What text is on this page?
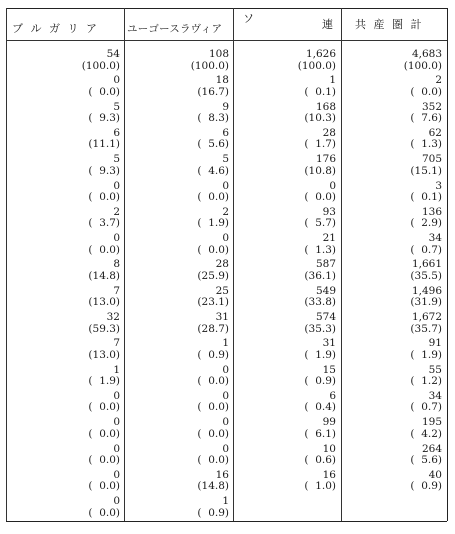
ブ ル ガ リ ア	ユーゴースラヴィア
ソ	連 共 産 圏 計
54
(100.0)
0
(  0.0)
5
(  9.3)
6
(11.1)
5
(  9.3)
0
(  0.0)
2
(  3.7)
0
(  0.0)
8
(14.8)
7
(13.0)
32
(59.3)
7
(13.0)
1
(  1.9)
0
(  0.0)
0
(  0.0)
0
(  0.0)
0
(  0.0)
0
(  0.0)
108
(100.0)
18
(16.7)
9
(  8.3)
6
(  5.6)
5
(  4.6)
0
(  0.0)
2
(  1.9)
0
(  0.0)
28
(25.9)
25
(23.1)
31
(28.7)
1
(  0.9)
0
(  0.0)
0
(  0.0)
0
(  0.0)
0
(  0.0)
16
(14.8)
1
(  0.9)
1,626
(100.0)
1
(  0.1)
168
(10.3)
28
(  1.7)
176
(10.8)
0
(  0.0)
93
(  5.7)
21
(  1.3)
587
(36.1)
549
(33.8)
574
(35.3)
31
(  1.9)
15
(  0.9)
6
(  0.4)
99
(  6.1)
10
(  0.6)
16
(  1.0)
4,683
(100.0)
2
(  0.0)
352
(  7.6)
62
(  1.3)
705
(15.1)
3
(  0.1)
136
(  2.9)
34
(  0.7)
1,661
(35.5)
1,496
(31.9)
1,672
(35.7)
91
(  1.9)
55
(  1.2)
34
(  0.7)
195
(  4.2)
264
(  5.6)
40
(  0.9)
